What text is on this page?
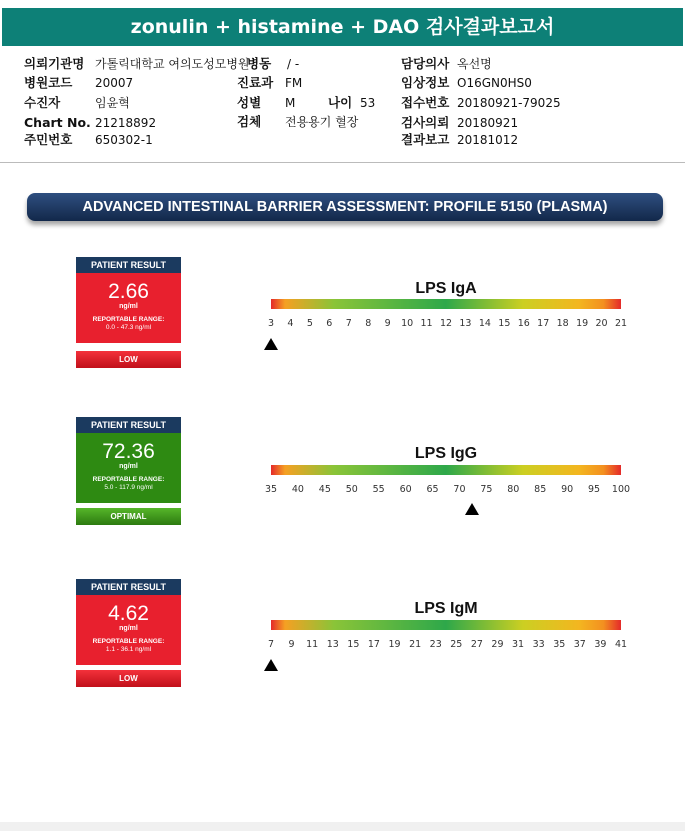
zonulin + histamine + DAO 검사결과보고서
의뢰기관명 가톨릭대학교 여의도성모병원
병원코드 20007
수진자	임윤혁
Chart No. 21218892
주민번호 650302-1
병동 / -
진료과 FM
성별 M	나이 53
검체 전용용기 혈장
담당의사 옥선명
임상정보 O16GN0HS0
접수번호 20180921-79025
검사의뢰 20180921
결과보고 20181012
ADVANCED INTESTINAL BARRIER ASSESSMENT: PROFILE 5150 (PLASMA)
PATIENT RESULT
2.66
ng/ml
REPORTABLE RANGE:
0.0 - 47.3 ng/ml
LOW
LPS IgA
3 4 5 6 7 8 9 10 11 12 13 14 15 16 17 18 19 20 21
PATIENT RESULT
72.36
ng/ml
REPORTABLE RANGE:
5.0 - 117.9 ng/ml
OPTIMAL
LPS IgG
35 40 45 50 55 60 65 70 75 80 85 90 95 100
PATIENT RESULT
4.62
ng/ml
REPORTABLE RANGE:
1.1 - 36.1 ng/ml
LOW
LPS IgM
7 9 11 13 15 17 19 21 23 25 27 29 31 33 35 37 39 41
